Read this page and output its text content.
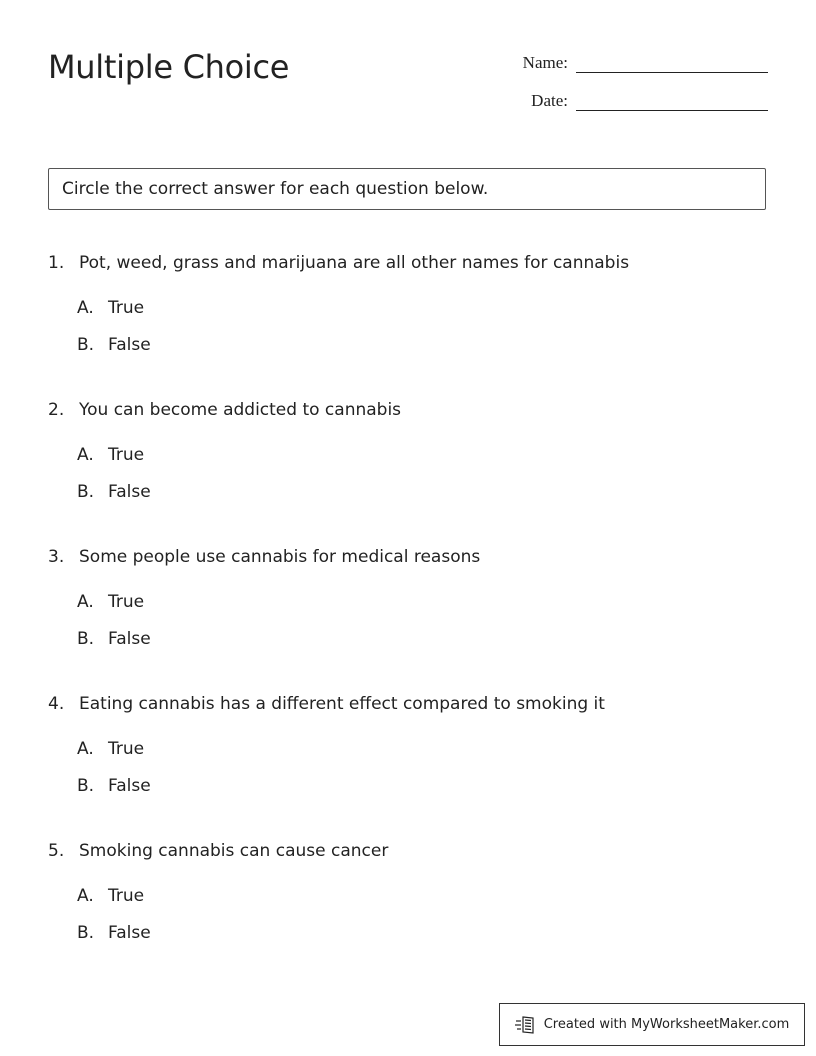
Multiple Choice	Name:
Date:
Circle the correct answer for each question below.
1. Pot, weed, grass and marijuana are all other names for cannabis
A. True
B. False
2. You can become addicted to cannabis
A. True
B. False
3. Some people use cannabis for medical reasons
A. True
B. False
4. Eating cannabis has a different effect compared to smoking it
A. True
B. False
5. Smoking cannabis can cause cancer
A. True
B. False
Created with MyWorksheetMaker.com
